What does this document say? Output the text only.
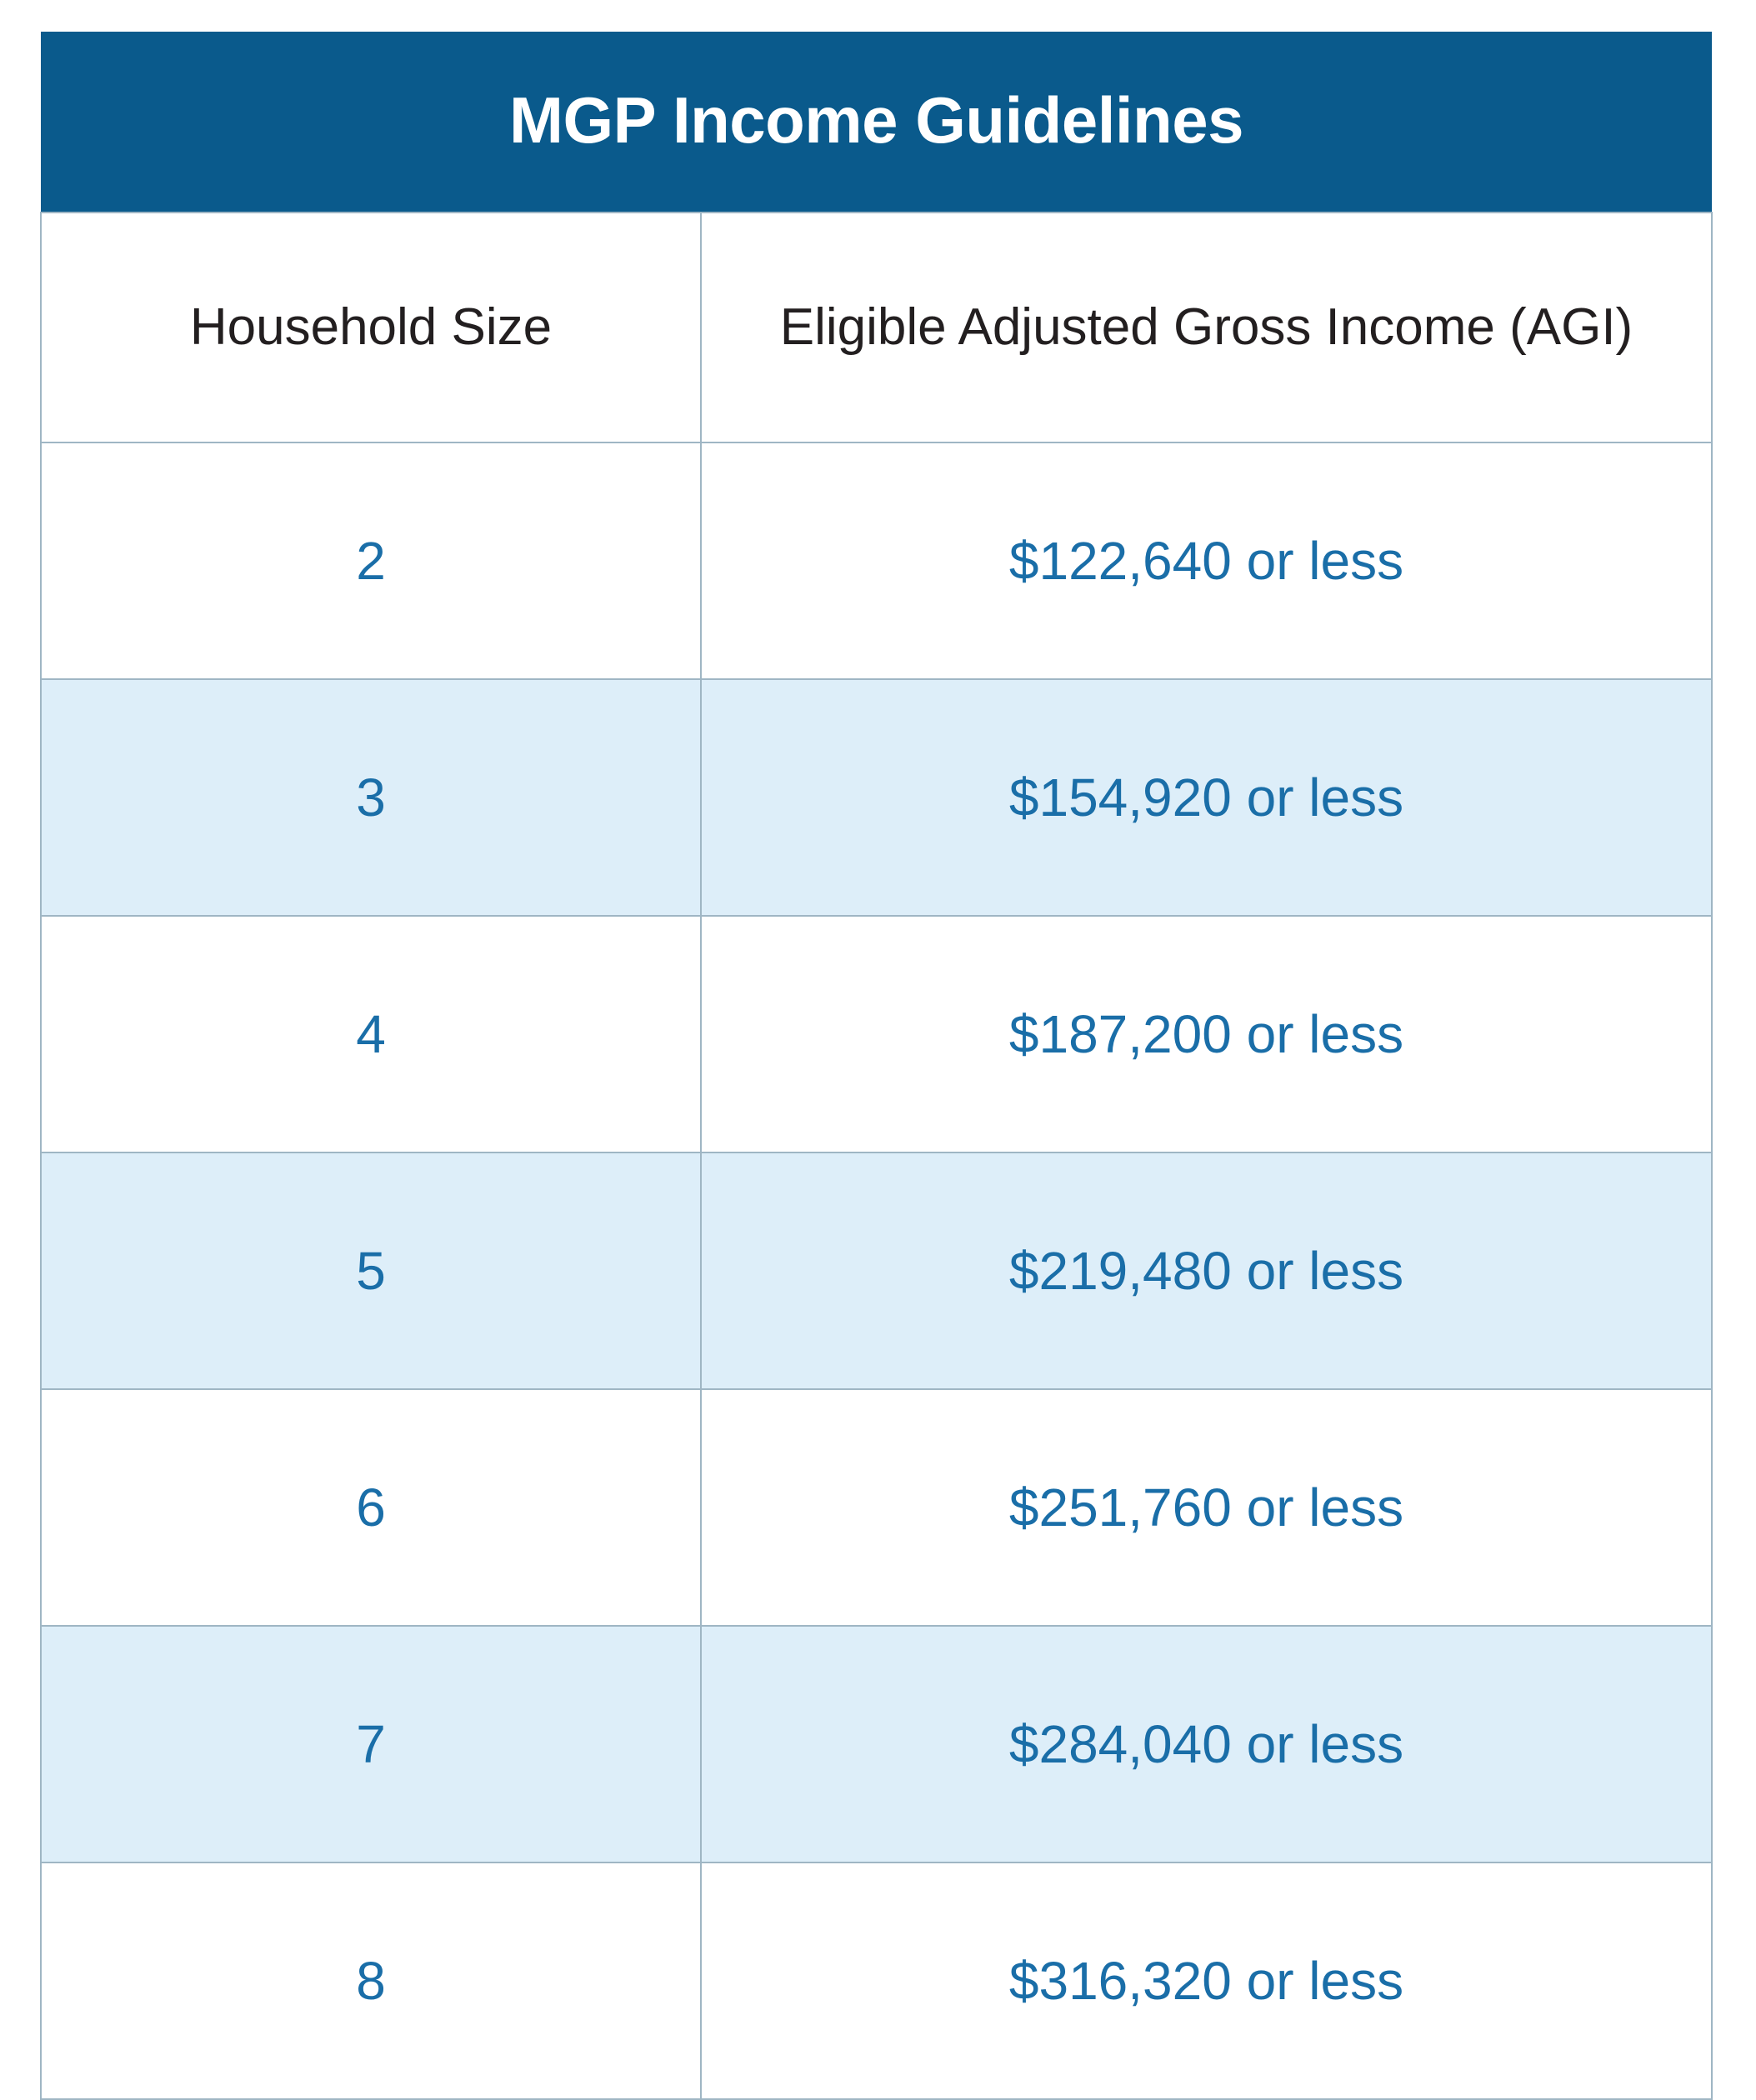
MGP Income Guidelines	
Household Size	Eligible Adjusted Gross Income (AGI)
2	$122,640 or less
3	$154,920 or less
4	$187,200 or less
5	$219,480 or less
6	$251,760 or less
7	$284,040 or less
8	$316,320 or less
